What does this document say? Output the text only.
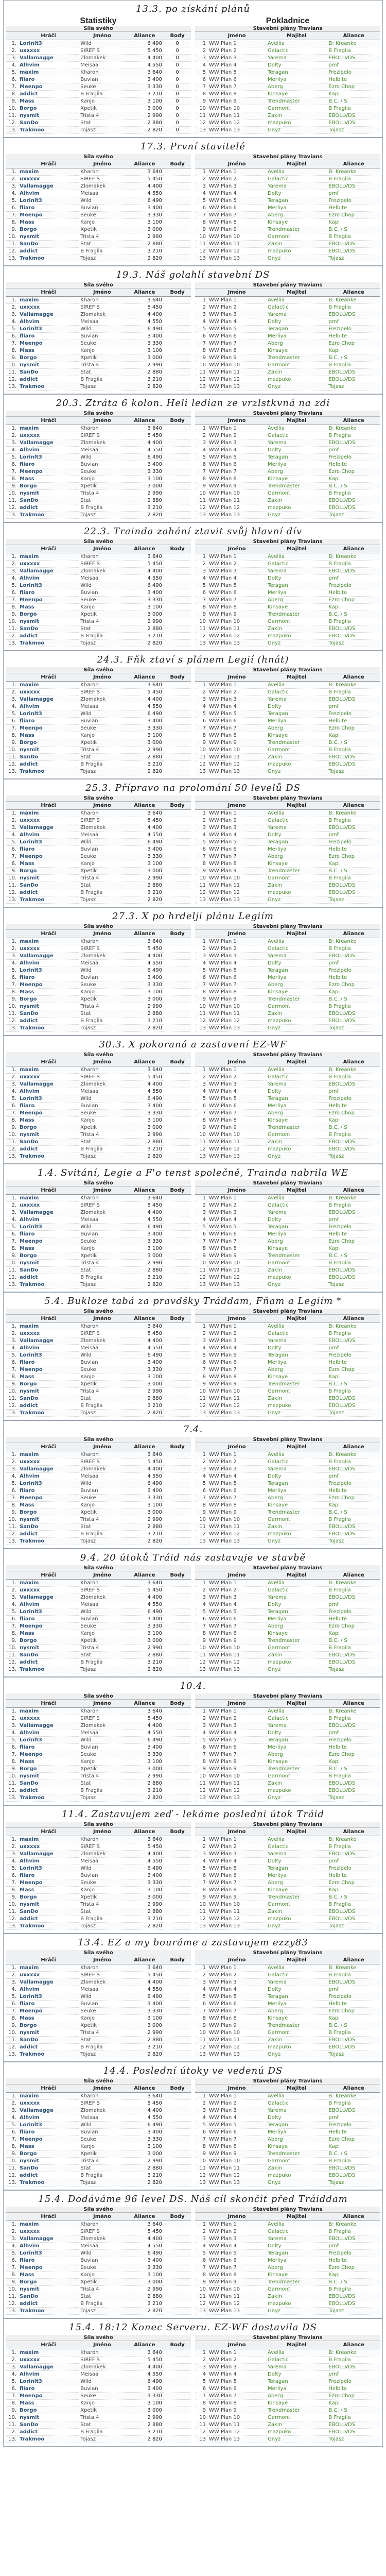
13.3. po získání plánů
Statistiky
Síla svého
	Hráči	Jméno	Aliance	Body
1.	Lorinlt3	Wild	6 490	0
2.	uxxxxx	SIREF S	5 450	0
3.	Vallamagge	Zlomakek	4 400	0
4.	Alhvim	Meisaa	4 550	0
5.	maxim	Kharon	3 640	0
6.	fliaro	Buvlan	3 400	0
7.	Meenpo	Seuke	3 330	0
8.	addict	B Fragila	3 210	0
9.	Mass	Kanjo	3 100	0
10.	Borgo	Xpetik	3 000	0
11.	nysmit	Trista 4	2 990	0
12.	SanDo	Stat	2 880	0
13.	Trakmoo	Tojasz	2 820	0
Pokladnice
Stavební plány Travians
	Jméno	Majitel	Aliance
1	WW Plan 1	Avellia	B: Kreanke
2	WW Plan 2	Galactic	B Fragila
3	WW Plan 3	Yarema	EBOLLVDS
4	WW Plan 4	Dolty	pmf
5	WW Plan 5	Teragan	Frezipelo
6	WW Plan 6	Merliya	Helbite
7	WW Plan 7	Aberg	Ezro Chop
8	WW Plan 8	Kinsaye	Kapi
9	WW Plan 9	Trendmaster	B.C. / S
10	WW Plan 10	Garmont	B Fragila
11	WW Plan 11	Zakin	EBOLLVDS
12	WW Plan 12	mazpuko	EBOLLVDS
13	WW Plan 13	Gnyz	Tojasz
17.3. První stavitelé
Síla svého
	Hráči	Jméno	Aliance	Body
1.	maxim	Kharon	3 640	
2.	uxxxxx	SIREF S	5 450	
3.	Vallamagge	Zlomakek	4 400	
4.	Alhvim	Meisaa	4 550	
5.	Lorinlt3	Wild	6 490	
6.	fliaro	Buvlan	3 400	
7.	Meenpo	Seuke	3 330	
8.	Mass	Kanjo	3 100	
9.	Borgo	Xpetik	3 000	
10.	nysmit	Trista 4	2 990	
11.	SanDo	Stat	2 880	
12.	addict	B Fragila	3 210	
13.	Trakmoo	Tojasz	2 820	
Stavební plány Travians
	Jméno	Majitel	Aliance
1	WW Plan 1	Avellia	B: Kreanke
2	WW Plan 2	Galactic	B Fragila
3	WW Plan 3	Yarema	EBOLLVDS
4	WW Plan 4	Dolty	pmf
5	WW Plan 5	Teragan	Frezipelo
6	WW Plan 6	Merliya	Helbite
7	WW Plan 7	Aberg	Ezro Chop
8	WW Plan 8	Kinsaye	Kapi
9	WW Plan 9	Trendmaster	B.C. / S
10	WW Plan 10	Garmont	B Fragila
11	WW Plan 11	Zakin	EBOLLVDS
12	WW Plan 12	mazpuko	EBOLLVDS
13	WW Plan 13	Gnyz	Tojasz
19.3. Náš golahlí stavební DS
Síla svého
	Hráči	Jméno	Aliance	Body
1.	maxim	Kharon	3 640	
2.	uxxxxx	SIREF S	5 450	
3.	Vallamagge	Zlomakek	4 400	
4.	Alhvim	Meisaa	4 550	
5.	Lorinlt3	Wild	6 490	
6.	fliaro	Buvlan	3 400	
7.	Meenpo	Seuke	3 330	
8.	Mass	Kanjo	3 100	
9.	Borgo	Xpetik	3 000	
10.	nysmit	Trista 4	2 990	
11.	SanDo	Stat	2 880	
12.	addict	B Fragila	3 210	
13.	Trakmoo	Tojasz	2 820	
Stavební plány Travians
	Jméno	Majitel	Aliance
1	WW Plan 1	Avellia	B: Kreanke
2	WW Plan 2	Galactic	B Fragila
3	WW Plan 3	Yarema	EBOLLVDS
4	WW Plan 4	Dolty	pmf
5	WW Plan 5	Teragan	Frezipelo
6	WW Plan 6	Merliya	Helbite
7	WW Plan 7	Aberg	Ezro Chop
8	WW Plan 8	Kinsaye	Kapi
9	WW Plan 9	Trendmaster	B.C. / S
10	WW Plan 10	Garmont	B Fragila
11	WW Plan 11	Zakin	EBOLLVDS
12	WW Plan 12	mazpuko	EBOLLVDS
13	WW Plan 13	Gnyz	Tojasz
20.3. Ztráta 6 kolon. Heli ledian ze vrzlstkvná na zdi
Síla svého
	Hráči	Jméno	Aliance	Body
1.	maxim	Kharon	3 640	
2.	uxxxxx	SIREF S	5 450	
3.	Vallamagge	Zlomakek	4 400	
4.	Alhvim	Meisaa	4 550	
5.	Lorinlt3	Wild	6 490	
6.	fliaro	Buvlan	3 400	
7.	Meenpo	Seuke	3 330	
8.	Mass	Kanjo	3 100	
9.	Borgo	Xpetik	3 000	
10.	nysmit	Trista 4	2 990	
11.	SanDo	Stat	2 880	
12.	addict	B Fragila	3 210	
13.	Trakmoo	Tojasz	2 820	
Stavební plány Travians
	Jméno	Majitel	Aliance
1	WW Plan 1	Avellia	B: Kreanke
2	WW Plan 2	Galactic	B Fragila
3	WW Plan 3	Yarema	EBOLLVDS
4	WW Plan 4	Dolty	pmf
5	WW Plan 5	Teragan	Frezipelo
6	WW Plan 6	Merliya	Helbite
7	WW Plan 7	Aberg	Ezro Chop
8	WW Plan 8	Kinsaye	Kapi
9	WW Plan 9	Trendmaster	B.C. / S
10	WW Plan 10	Garmont	B Fragila
11	WW Plan 11	Zakin	EBOLLVDS
12	WW Plan 12	mazpuko	EBOLLVDS
13	WW Plan 13	Gnyz	Tojasz
22.3. Trainda zahání ztavit svůj hlavní dív
Síla svého
	Hráči	Jméno	Aliance	Body
1.	maxim	Kharon	3 640	
2.	uxxxxx	SIREF S	5 450	
3.	Vallamagge	Zlomakek	4 400	
4.	Alhvim	Meisaa	4 550	
5.	Lorinlt3	Wild	6 490	
6.	fliaro	Buvlan	3 400	
7.	Meenpo	Seuke	3 330	
8.	Mass	Kanjo	3 100	
9.	Borgo	Xpetik	3 000	
10.	nysmit	Trista 4	2 990	
11.	SanDo	Stat	2 880	
12.	addict	B Fragila	3 210	
13.	Trakmoo	Tojasz	2 820	
Stavební plány Travians
	Jméno	Majitel	Aliance
1	WW Plan 1	Avellia	B: Kreanke
2	WW Plan 2	Galactic	B Fragila
3	WW Plan 3	Yarema	EBOLLVDS
4	WW Plan 4	Dolty	pmf
5	WW Plan 5	Teragan	Frezipelo
6	WW Plan 6	Merliya	Helbite
7	WW Plan 7	Aberg	Ezro Chop
8	WW Plan 8	Kinsaye	Kapi
9	WW Plan 9	Trendmaster	B.C. / S
10	WW Plan 10	Garmont	B Fragila
11	WW Plan 11	Zakin	EBOLLVDS
12	WW Plan 12	mazpuko	EBOLLVDS
13	WW Plan 13	Gnyz	Tojasz
24.3. Fňk ztaví s plánem Legií (hnát)
Síla svého
	Hráči	Jméno	Aliance	Body
1.	maxim	Kharon	3 640	
2.	uxxxxx	SIREF S	5 450	
3.	Vallamagge	Zlomakek	4 400	
4.	Alhvim	Meisaa	4 550	
5.	Lorinlt3	Wild	6 490	
6.	fliaro	Buvlan	3 400	
7.	Meenpo	Seuke	3 330	
8.	Mass	Kanjo	3 100	
9.	Borgo	Xpetik	3 000	
10.	nysmit	Trista 4	2 990	
11.	SanDo	Stat	2 880	
12.	addict	B Fragila	3 210	
13.	Trakmoo	Tojasz	2 820	
Stavební plány Travians
	Jméno	Majitel	Aliance
1	WW Plan 1	Avellia	B: Kreanke
2	WW Plan 2	Galactic	B Fragila
3	WW Plan 3	Yarema	EBOLLVDS
4	WW Plan 4	Dolty	pmf
5	WW Plan 5	Teragan	Frezipelo
6	WW Plan 6	Merliya	Helbite
7	WW Plan 7	Aberg	Ezro Chop
8	WW Plan 8	Kinsaye	Kapi
9	WW Plan 9	Trendmaster	B.C. / S
10	WW Plan 10	Garmont	B Fragila
11	WW Plan 11	Zakin	EBOLLVDS
12	WW Plan 12	mazpuko	EBOLLVDS
13	WW Plan 13	Gnyz	Tojasz
25.3. Přípravo na prolomání 50 levelů DS
Síla svého
	Hráči	Jméno	Aliance	Body
1.	maxim	Kharon	3 640	
2.	uxxxxx	SIREF S	5 450	
3.	Vallamagge	Zlomakek	4 400	
4.	Alhvim	Meisaa	4 550	
5.	Lorinlt3	Wild	6 490	
6.	fliaro	Buvlan	3 400	
7.	Meenpo	Seuke	3 330	
8.	Mass	Kanjo	3 100	
9.	Borgo	Xpetik	3 000	
10.	nysmit	Trista 4	2 990	
11.	SanDo	Stat	2 880	
12.	addict	B Fragila	3 210	
13.	Trakmoo	Tojasz	2 820	
Stavební plány Travians
	Jméno	Majitel	Aliance
1	WW Plan 1	Avellia	B: Kreanke
2	WW Plan 2	Galactic	B Fragila
3	WW Plan 3	Yarema	EBOLLVDS
4	WW Plan 4	Dolty	pmf
5	WW Plan 5	Teragan	Frezipelo
6	WW Plan 6	Merliya	Helbite
7	WW Plan 7	Aberg	Ezro Chop
8	WW Plan 8	Kinsaye	Kapi
9	WW Plan 9	Trendmaster	B.C. / S
10	WW Plan 10	Garmont	B Fragila
11	WW Plan 11	Zakin	EBOLLVDS
12	WW Plan 12	mazpuko	EBOLLVDS
13	WW Plan 13	Gnyz	Tojasz
27.3. X po hrdelji plánu Legiím
Síla svého
	Hráči	Jméno	Aliance	Body
1.	maxim	Kharon	3 640	
2.	uxxxxx	SIREF S	5 450	
3.	Vallamagge	Zlomakek	4 400	
4.	Alhvim	Meisaa	4 550	
5.	Lorinlt3	Wild	6 490	
6.	fliaro	Buvlan	3 400	
7.	Meenpo	Seuke	3 330	
8.	Mass	Kanjo	3 100	
9.	Borgo	Xpetik	3 000	
10.	nysmit	Trista 4	2 990	
11.	SanDo	Stat	2 880	
12.	addict	B Fragila	3 210	
13.	Trakmoo	Tojasz	2 820	
Stavební plány Travians
	Jméno	Majitel	Aliance
1	WW Plan 1	Avellia	B: Kreanke
2	WW Plan 2	Galactic	B Fragila
3	WW Plan 3	Yarema	EBOLLVDS
4	WW Plan 4	Dolty	pmf
5	WW Plan 5	Teragan	Frezipelo
6	WW Plan 6	Merliya	Helbite
7	WW Plan 7	Aberg	Ezro Chop
8	WW Plan 8	Kinsaye	Kapi
9	WW Plan 9	Trendmaster	B.C. / S
10	WW Plan 10	Garmont	B Fragila
11	WW Plan 11	Zakin	EBOLLVDS
12	WW Plan 12	mazpuko	EBOLLVDS
13	WW Plan 13	Gnyz	Tojasz
30.3. X pokoraná a zastavení EZ-WF
Síla svého
	Hráči	Jméno	Aliance	Body
1.	maxim	Kharon	3 640	
2.	uxxxxx	SIREF S	5 450	
3.	Vallamagge	Zlomakek	4 400	
4.	Alhvim	Meisaa	4 550	
5.	Lorinlt3	Wild	6 490	
6.	fliaro	Buvlan	3 400	
7.	Meenpo	Seuke	3 330	
8.	Mass	Kanjo	3 100	
9.	Borgo	Xpetik	3 000	
10.	nysmit	Trista 4	2 990	
11.	SanDo	Stat	2 880	
12.	addict	B Fragila	3 210	
13.	Trakmoo	Tojasz	2 820	
Stavební plány Travians
	Jméno	Majitel	Aliance
1	WW Plan 1	Avellia	B: Kreanke
2	WW Plan 2	Galactic	B Fragila
3	WW Plan 3	Yarema	EBOLLVDS
4	WW Plan 4	Dolty	pmf
5	WW Plan 5	Teragan	Frezipelo
6	WW Plan 6	Merliya	Helbite
7	WW Plan 7	Aberg	Ezro Chop
8	WW Plan 8	Kinsaye	Kapi
9	WW Plan 9	Trendmaster	B.C. / S
10	WW Plan 10	Garmont	B Fragila
11	WW Plan 11	Zakin	EBOLLVDS
12	WW Plan 12	mazpuko	EBOLLVDS
13	WW Plan 13	Gnyz	Tojasz
1.4. Svitání, Legie a F'o tenst společně, Trainda nabrila WE
Síla svého
	Hráči	Jméno	Aliance	Body
1.	maxim	Kharon	3 640	
2.	uxxxxx	SIREF S	5 450	
3.	Vallamagge	Zlomakek	4 400	
4.	Alhvim	Meisaa	4 550	
5.	Lorinlt3	Wild	6 490	
6.	fliaro	Buvlan	3 400	
7.	Meenpo	Seuke	3 330	
8.	Mass	Kanjo	3 100	
9.	Borgo	Xpetik	3 000	
10.	nysmit	Trista 4	2 990	
11.	SanDo	Stat	2 880	
12.	addict	B Fragila	3 210	
13.	Trakmoo	Tojasz	2 820	
Stavební plány Travians
	Jméno	Majitel	Aliance
1	WW Plan 1	Avellia	B: Kreanke
2	WW Plan 2	Galactic	B Fragila
3	WW Plan 3	Yarema	EBOLLVDS
4	WW Plan 4	Dolty	pmf
5	WW Plan 5	Teragan	Frezipelo
6	WW Plan 6	Merliya	Helbite
7	WW Plan 7	Aberg	Ezro Chop
8	WW Plan 8	Kinsaye	Kapi
9	WW Plan 9	Trendmaster	B.C. / S
10	WW Plan 10	Garmont	B Fragila
11	WW Plan 11	Zakin	EBOLLVDS
12	WW Plan 12	mazpuko	EBOLLVDS
13	WW Plan 13	Gnyz	Tojasz
5.4. Bukloze tabá za pravdšky Tráddam, Fňam a Legiím *
Síla svého
	Hráči	Jméno	Aliance	Body
1.	maxim	Kharon	3 640	
2.	uxxxxx	SIREF S	5 450	
3.	Vallamagge	Zlomakek	4 400	
4.	Alhvim	Meisaa	4 550	
5.	Lorinlt3	Wild	6 490	
6.	fliaro	Buvlan	3 400	
7.	Meenpo	Seuke	3 330	
8.	Mass	Kanjo	3 100	
9.	Borgo	Xpetik	3 000	
10.	nysmit	Trista 4	2 990	
11.	SanDo	Stat	2 880	
12.	addict	B Fragila	3 210	
13.	Trakmoo	Tojasz	2 820	
Stavební plány Travians
	Jméno	Majitel	Aliance
1	WW Plan 1	Avellia	B: Kreanke
2	WW Plan 2	Galactic	B Fragila
3	WW Plan 3	Yarema	EBOLLVDS
4	WW Plan 4	Dolty	pmf
5	WW Plan 5	Teragan	Frezipelo
6	WW Plan 6	Merliya	Helbite
7	WW Plan 7	Aberg	Ezro Chop
8	WW Plan 8	Kinsaye	Kapi
9	WW Plan 9	Trendmaster	B.C. / S
10	WW Plan 10	Garmont	B Fragila
11	WW Plan 11	Zakin	EBOLLVDS
12	WW Plan 12	mazpuko	EBOLLVDS
13	WW Plan 13	Gnyz	Tojasz
7.4.
Síla svého
	Hráči	Jméno	Aliance	Body
1.	maxim	Kharon	3 640	
2.	uxxxxx	SIREF S	5 450	
3.	Vallamagge	Zlomakek	4 400	
4.	Alhvim	Meisaa	4 550	
5.	Lorinlt3	Wild	6 490	
6.	fliaro	Buvlan	3 400	
7.	Meenpo	Seuke	3 330	
8.	Mass	Kanjo	3 100	
9.	Borgo	Xpetik	3 000	
10.	nysmit	Trista 4	2 990	
11.	SanDo	Stat	2 880	
12.	addict	B Fragila	3 210	
13.	Trakmoo	Tojasz	2 820	
Stavební plány Travians
	Jméno	Majitel	Aliance
1	WW Plan 1	Avellia	B: Kreanke
2	WW Plan 2	Galactic	B Fragila
3	WW Plan 3	Yarema	EBOLLVDS
4	WW Plan 4	Dolty	pmf
5	WW Plan 5	Teragan	Frezipelo
6	WW Plan 6	Merliya	Helbite
7	WW Plan 7	Aberg	Ezro Chop
8	WW Plan 8	Kinsaye	Kapi
9	WW Plan 9	Trendmaster	B.C. / S
10	WW Plan 10	Garmont	B Fragila
11	WW Plan 11	Zakin	EBOLLVDS
12	WW Plan 12	mazpuko	EBOLLVDS
13	WW Plan 13	Gnyz	Tojasz
9.4. 20 útoků Tráid nás zastavuje ve stavbě
Síla svého
	Hráči	Jméno	Aliance	Body
1.	maxim	Kharon	3 640	
2.	uxxxxx	SIREF S	5 450	
3.	Vallamagge	Zlomakek	4 400	
4.	Alhvim	Meisaa	4 550	
5.	Lorinlt3	Wild	6 490	
6.	fliaro	Buvlan	3 400	
7.	Meenpo	Seuke	3 330	
8.	Mass	Kanjo	3 100	
9.	Borgo	Xpetik	3 000	
10.	nysmit	Trista 4	2 990	
11.	SanDo	Stat	2 880	
12.	addict	B Fragila	3 210	
13.	Trakmoo	Tojasz	2 820	
Stavební plány Travians
	Jméno	Majitel	Aliance
1	WW Plan 1	Avellia	B: Kreanke
2	WW Plan 2	Galactic	B Fragila
3	WW Plan 3	Yarema	EBOLLVDS
4	WW Plan 4	Dolty	pmf
5	WW Plan 5	Teragan	Frezipelo
6	WW Plan 6	Merliya	Helbite
7	WW Plan 7	Aberg	Ezro Chop
8	WW Plan 8	Kinsaye	Kapi
9	WW Plan 9	Trendmaster	B.C. / S
10	WW Plan 10	Garmont	B Fragila
11	WW Plan 11	Zakin	EBOLLVDS
12	WW Plan 12	mazpuko	EBOLLVDS
13	WW Plan 13	Gnyz	Tojasz
10.4.
Síla svého
	Hráči	Jméno	Aliance	Body
1.	maxim	Kharon	3 640	
2.	uxxxxx	SIREF S	5 450	
3.	Vallamagge	Zlomakek	4 400	
4.	Alhvim	Meisaa	4 550	
5.	Lorinlt3	Wild	6 490	
6.	fliaro	Buvlan	3 400	
7.	Meenpo	Seuke	3 330	
8.	Mass	Kanjo	3 100	
9.	Borgo	Xpetik	3 000	
10.	nysmit	Trista 4	2 990	
11.	SanDo	Stat	2 880	
12.	addict	B Fragila	3 210	
13.	Trakmoo	Tojasz	2 820	
Stavební plány Travians
	Jméno	Majitel	Aliance
1	WW Plan 1	Avellia	B: Kreanke
2	WW Plan 2	Galactic	B Fragila
3	WW Plan 3	Yarema	EBOLLVDS
4	WW Plan 4	Dolty	pmf
5	WW Plan 5	Teragan	Frezipelo
6	WW Plan 6	Merliya	Helbite
7	WW Plan 7	Aberg	Ezro Chop
8	WW Plan 8	Kinsaye	Kapi
9	WW Plan 9	Trendmaster	B.C. / S
10	WW Plan 10	Garmont	B Fragila
11	WW Plan 11	Zakin	EBOLLVDS
12	WW Plan 12	mazpuko	EBOLLVDS
13	WW Plan 13	Gnyz	Tojasz
11.4. Zastavujem zeď - lekáme posledni útok Tráid
Síla svého
	Hráči	Jméno	Aliance	Body
1.	maxim	Kharon	3 640	
2.	uxxxxx	SIREF S	5 450	
3.	Vallamagge	Zlomakek	4 400	
4.	Alhvim	Meisaa	4 550	
5.	Lorinlt3	Wild	6 490	
6.	fliaro	Buvlan	3 400	
7.	Meenpo	Seuke	3 330	
8.	Mass	Kanjo	3 100	
9.	Borgo	Xpetik	3 000	
10.	nysmit	Trista 4	2 990	
11.	SanDo	Stat	2 880	
12.	addict	B Fragila	3 210	
13.	Trakmoo	Tojasz	2 820	
Stavební plány Travians
	Jméno	Majitel	Aliance
1	WW Plan 1	Avellia	B: Kreanke
2	WW Plan 2	Galactic	B Fragila
3	WW Plan 3	Yarema	EBOLLVDS
4	WW Plan 4	Dolty	pmf
5	WW Plan 5	Teragan	Frezipelo
6	WW Plan 6	Merliya	Helbite
7	WW Plan 7	Aberg	Ezro Chop
8	WW Plan 8	Kinsaye	Kapi
9	WW Plan 9	Trendmaster	B.C. / S
10	WW Plan 10	Garmont	B Fragila
11	WW Plan 11	Zakin	EBOLLVDS
12	WW Plan 12	mazpuko	EBOLLVDS
13	WW Plan 13	Gnyz	Tojasz
13.4. EZ a my bouráme a zastavujem ezzy83
Síla svého
	Hráči	Jméno	Aliance	Body
1.	maxim	Kharon	3 640	
2.	uxxxxx	SIREF S	5 450	
3.	Vallamagge	Zlomakek	4 400	
4.	Alhvim	Meisaa	4 550	
5.	Lorinlt3	Wild	6 490	
6.	fliaro	Buvlan	3 400	
7.	Meenpo	Seuke	3 330	
8.	Mass	Kanjo	3 100	
9.	Borgo	Xpetik	3 000	
10.	nysmit	Trista 4	2 990	
11.	SanDo	Stat	2 880	
12.	addict	B Fragila	3 210	
13.	Trakmoo	Tojasz	2 820	
Stavební plány Travians
	Jméno	Majitel	Aliance
1	WW Plan 1	Avellia	B: Kreanke
2	WW Plan 2	Galactic	B Fragila
3	WW Plan 3	Yarema	EBOLLVDS
4	WW Plan 4	Dolty	pmf
5	WW Plan 5	Teragan	Frezipelo
6	WW Plan 6	Merliya	Helbite
7	WW Plan 7	Aberg	Ezro Chop
8	WW Plan 8	Kinsaye	Kapi
9	WW Plan 9	Trendmaster	B.C. / S
10	WW Plan 10	Garmont	B Fragila
11	WW Plan 11	Zakin	EBOLLVDS
12	WW Plan 12	mazpuko	EBOLLVDS
13	WW Plan 13	Gnyz	Tojasz
14.4. Poslední útoky ve vedenú DS
Síla svého
	Hráči	Jméno	Aliance	Body
1.	maxim	Kharon	3 640	
2.	uxxxxx	SIREF S	5 450	
3.	Vallamagge	Zlomakek	4 400	
4.	Alhvim	Meisaa	4 550	
5.	Lorinlt3	Wild	6 490	
6.	fliaro	Buvlan	3 400	
7.	Meenpo	Seuke	3 330	
8.	Mass	Kanjo	3 100	
9.	Borgo	Xpetik	3 000	
10.	nysmit	Trista 4	2 990	
11.	SanDo	Stat	2 880	
12.	addict	B Fragila	3 210	
13.	Trakmoo	Tojasz	2 820	
Stavební plány Travians
	Jméno	Majitel	Aliance
1	WW Plan 1	Avellia	B: Kreanke
2	WW Plan 2	Galactic	B Fragila
3	WW Plan 3	Yarema	EBOLLVDS
4	WW Plan 4	Dolty	pmf
5	WW Plan 5	Teragan	Frezipelo
6	WW Plan 6	Merliya	Helbite
7	WW Plan 7	Aberg	Ezro Chop
8	WW Plan 8	Kinsaye	Kapi
9	WW Plan 9	Trendmaster	B.C. / S
10	WW Plan 10	Garmont	B Fragila
11	WW Plan 11	Zakin	EBOLLVDS
12	WW Plan 12	mazpuko	EBOLLVDS
13	WW Plan 13	Gnyz	Tojasz
15.4. Dodáváme 96 level DS. Náš cíl skončit před Tráiddam
Síla svého
	Hráči	Jméno	Aliance	Body
1.	maxim	Kharon	3 640	
2.	uxxxxx	SIREF S	5 450	
3.	Vallamagge	Zlomakek	4 400	
4.	Alhvim	Meisaa	4 550	
5.	Lorinlt3	Wild	6 490	
6.	fliaro	Buvlan	3 400	
7.	Meenpo	Seuke	3 330	
8.	Mass	Kanjo	3 100	
9.	Borgo	Xpetik	3 000	
10.	nysmit	Trista 4	2 990	
11.	SanDo	Stat	2 880	
12.	addict	B Fragila	3 210	
13.	Trakmoo	Tojasz	2 820	
Stavební plány Travians
	Jméno	Majitel	Aliance
1	WW Plan 1	Avellia	B: Kreanke
2	WW Plan 2	Galactic	B Fragila
3	WW Plan 3	Yarema	EBOLLVDS
4	WW Plan 4	Dolty	pmf
5	WW Plan 5	Teragan	Frezipelo
6	WW Plan 6	Merliya	Helbite
7	WW Plan 7	Aberg	Ezro Chop
8	WW Plan 8	Kinsaye	Kapi
9	WW Plan 9	Trendmaster	B.C. / S
10	WW Plan 10	Garmont	B Fragila
11	WW Plan 11	Zakin	EBOLLVDS
12	WW Plan 12	mazpuko	EBOLLVDS
13	WW Plan 13	Gnyz	Tojasz
15.4. 18:12 Konec Serveru. EZ-WF dostavila DS
Síla svého
	Hráči	Jméno	Aliance	Body
1.	maxim	Kharon	3 640	
2.	uxxxxx	SIREF S	5 450	
3.	Vallamagge	Zlomakek	4 400	
4.	Alhvim	Meisaa	4 550	
5.	Lorinlt3	Wild	6 490	
6.	fliaro	Buvlan	3 400	
7.	Meenpo	Seuke	3 330	
8.	Mass	Kanjo	3 100	
9.	Borgo	Xpetik	3 000	
10.	nysmit	Trista 4	2 990	
11.	SanDo	Stat	2 880	
12.	addict	B Fragila	3 210	
13.	Trakmoo	Tojasz	2 820	
Stavební plány Travians
	Jméno	Majitel	Aliance
1	WW Plan 1	Avellia	B: Kreanke
2	WW Plan 2	Galactic	B Fragila
3	WW Plan 3	Yarema	EBOLLVDS
4	WW Plan 4	Dolty	pmf
5	WW Plan 5	Teragan	Frezipelo
6	WW Plan 6	Merliya	Helbite
7	WW Plan 7	Aberg	Ezro Chop
8	WW Plan 8	Kinsaye	Kapi
9	WW Plan 9	Trendmaster	B.C. / S
10	WW Plan 10	Garmont	B Fragila
11	WW Plan 11	Zakin	EBOLLVDS
12	WW Plan 12	mazpuko	EBOLLVDS
13	WW Plan 13	Gnyz	Tojasz
